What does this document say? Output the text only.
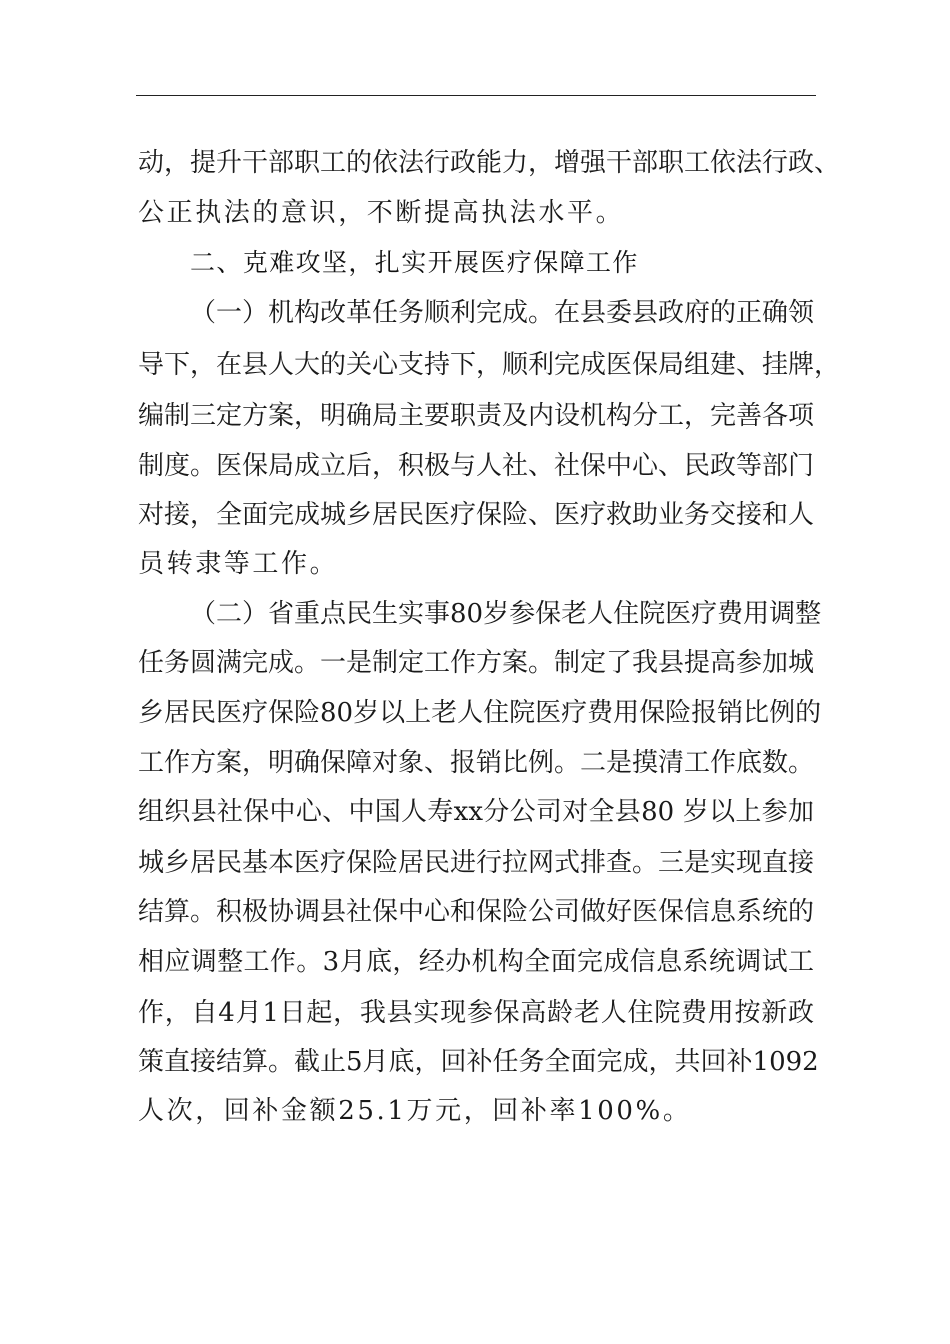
动，提升干部职工的依法行政能力，增强干部职工依法行政、
公正执法的意识，不断提高执法水平。
二、克难攻坚，扎实开展医疗保障工作
（一）机构改革任务顺利完成。在县委县政府的正确领
导下，在县人大的关心支持下，顺利完成医保局组建、挂牌，
编制三定方案，明确局主要职责及内设机构分工，完善各项
制度。医保局成立后，积极与人社、社保中心、民政等部门
对接，全面完成城乡居民医疗保险、医疗救助业务交接和人
员转隶等工作。
（二）省重点民生实事80岁参保老人住院医疗费用调整
任务圆满完成。一是制定工作方案。制定了我县提高参加城
乡居民医疗保险80岁以上老人住院医疗费用保险报销比例的
工作方案，明确保障对象、报销比例。二是摸清工作底数。
组织县社保中心、中国人寿xx分公司对全县80 岁以上参加
城乡居民基本医疗保险居民进行拉网式排查。三是实现直接
结算。积极协调县社保中心和保险公司做好医保信息系统的
相应调整工作。3月底，经办机构全面完成信息系统调试工
作，自4月1日起，我县实现参保高龄老人住院费用按新政
策直接结算。截止5月底，回补任务全面完成，共回补1092
人次，回补金额25.1万元，回补率100%。
